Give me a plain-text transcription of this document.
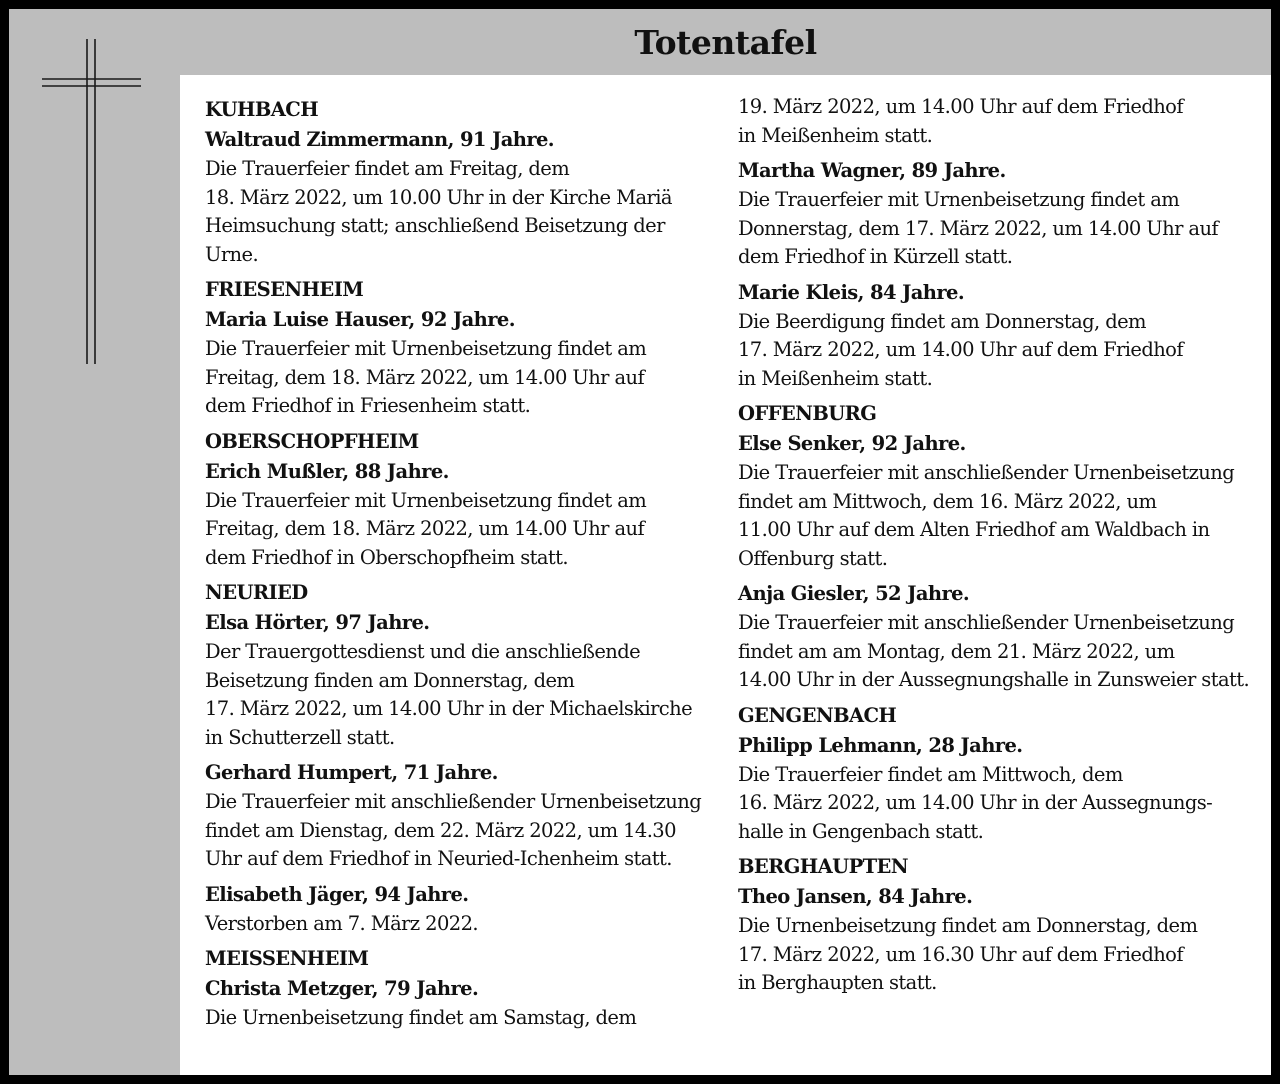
Totentafel
KUHBACH
Waltraud Zimmermann, 91 Jahre.
Die Trauerfeier findet am Freitag, dem
18. März 2022, um 10.00 Uhr in der Kirche Mariä
Heimsuchung statt; anschließend Beisetzung der
Urne.
FRIESENHEIM
Maria Luise Hauser, 92 Jahre.
Die Trauerfeier mit Urnenbeisetzung findet am
Freitag, dem 18. März 2022, um 14.00 Uhr auf
dem Friedhof in Friesenheim statt.
OBERSCHOPFHEIM
Erich Mußler, 88 Jahre.
Die Trauerfeier mit Urnenbeisetzung findet am
Freitag, dem 18. März 2022, um 14.00 Uhr auf
dem Friedhof in Oberschopfheim statt.
NEURIED
Elsa Hörter, 97 Jahre.
Der Trauergottesdienst und die anschließende
Beisetzung finden am Donnerstag, dem
17. März 2022, um 14.00 Uhr in der Michaelskirche
in Schutterzell statt.
Gerhard Humpert, 71 Jahre.
Die Trauerfeier mit anschließender Urnenbeisetzung
findet am Dienstag, dem 22. März 2022, um 14.30
Uhr auf dem Friedhof in Neuried-Ichenheim statt.
Elisabeth Jäger, 94 Jahre.
Verstorben am 7. März 2022.
MEISSENHEIM
Christa Metzger, 79 Jahre.
Die Urnenbeisetzung findet am Samstag, dem
19. März 2022, um 14.00 Uhr auf dem Friedhof
in Meißenheim statt.
Martha Wagner, 89 Jahre.
Die Trauerfeier mit Urnenbeisetzung findet am
Donnerstag, dem 17. März 2022, um 14.00 Uhr auf
dem Friedhof in Kürzell statt.
Marie Kleis, 84 Jahre.
Die Beerdigung findet am Donnerstag, dem
17. März 2022, um 14.00 Uhr auf dem Friedhof
in Meißenheim statt.
OFFENBURG
Else Senker, 92 Jahre.
Die Trauerfeier mit anschließender Urnenbeisetzung
findet am Mittwoch, dem 16. März 2022, um
11.00 Uhr auf dem Alten Friedhof am Waldbach in
Offenburg statt.
Anja Giesler, 52 Jahre.
Die Trauerfeier mit anschließender Urnenbeisetzung
findet am am Montag, dem 21. März 2022, um
14.00 Uhr in der Aussegnungshalle in Zunsweier statt.
GENGENBACH
Philipp Lehmann, 28 Jahre.
Die Trauerfeier findet am Mittwoch, dem
16. März 2022, um 14.00 Uhr in der Aussegnungs-
halle in Gengenbach statt.
BERGHAUPTEN
Theo Jansen, 84 Jahre.
Die Urnenbeisetzung findet am Donnerstag, dem
17. März 2022, um 16.30 Uhr auf dem Friedhof
in Berghaupten statt.
